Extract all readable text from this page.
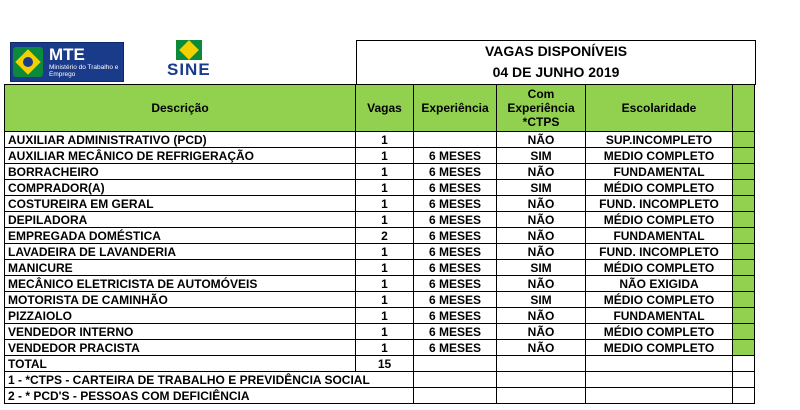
MTE
Ministério do Trabalho e Emprego	SINE
VAGAS DISPONÍVEIS
04 DE JUNHO 2019
Descrição	Vagas	Experiência	Com Experiência *CTPS	Escolaridade	
AUXILIAR ADMINISTRATIVO (PCD)	1		NÃO	SUP.INCOMPLETO	
AUXILIAR MECÂNICO DE REFRIGERAÇÃO	1	6 MESES	SIM	MEDIO COMPLETO	
BORRACHEIRO	1	6 MESES	NÃO	FUNDAMENTAL	
COMPRADOR(A)	1	6 MESES	SIM	MÉDIO COMPLETO	
COSTUREIRA EM GERAL	1	6 MESES	NÃO	FUND. INCOMPLETO	
DEPILADORA	1	6 MESES	NÃO	MÉDIO COMPLETO	
EMPREGADA DOMÉSTICA	2	6 MESES	NÃO	FUNDAMENTAL	
LAVADEIRA DE LAVANDERIA	1	6 MESES	NÃO	FUND. INCOMPLETO	
MANICURE	1	6 MESES	SIM	MÉDIO COMPLETO	
MECÂNICO ELETRICISTA DE AUTOMÓVEIS	1	6 MESES	NÃO	NÃO EXIGIDA	
MOTORISTA DE CAMINHÃO	1	6 MESES	SIM	MÉDIO COMPLETO	
PIZZAIOLO	1	6 MESES	NÃO	FUNDAMENTAL	
VENDEDOR INTERNO	1	6 MESES	NÃO	MÉDIO COMPLETO	
VENDEDOR PRACISTA	1	6 MESES	NÃO	MEDIO COMPLETO	
TOTAL	15				
1 - *CTPS - CARTEIRA DE TRABALHO E PREVIDÊNCIA SOCIAL					
2 - * PCD'S - PESSOAS COM DEFICIÊNCIA					
